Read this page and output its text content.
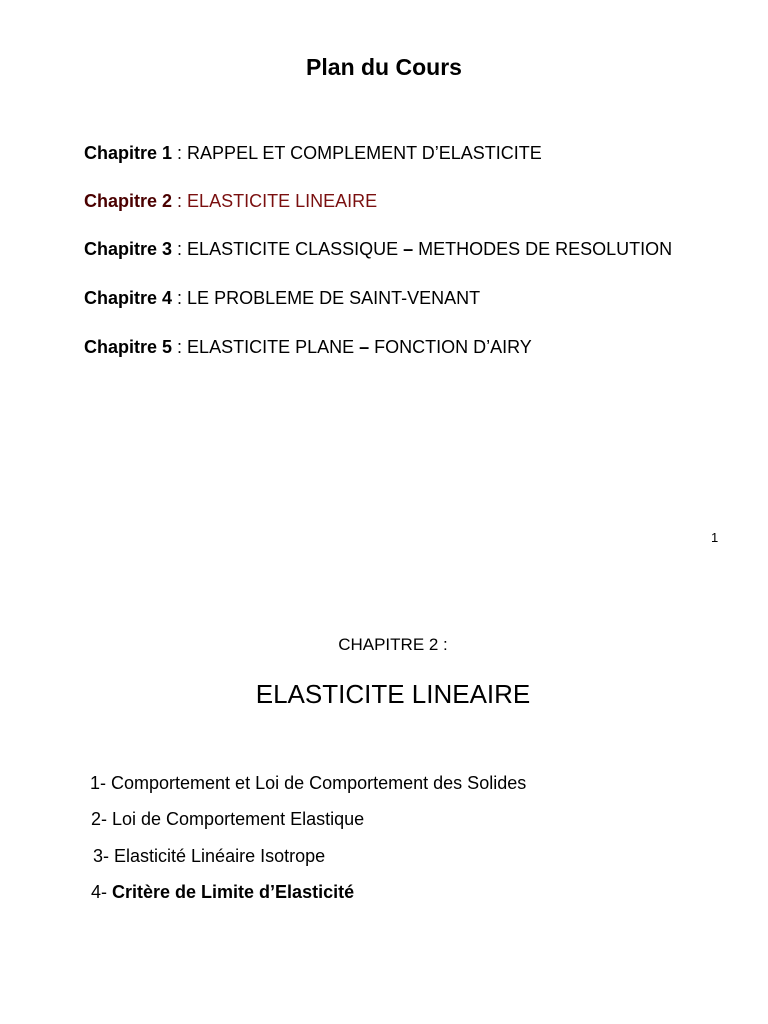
Plan du Cours
Chapitre 1 : RAPPEL ET COMPLEMENT D’ELASTICITE
Chapitre 2 : ELASTICITE LINEAIRE
Chapitre 3 : ELASTICITE CLASSIQUE – METHODES DE RESOLUTION
Chapitre 4 : LE PROBLEME DE SAINT-VENANT
Chapitre 5 : ELASTICITE PLANE – FONCTION D’AIRY
1
CHAPITRE 2 :
ELASTICITE LINEAIRE
1- Comportement et Loi de Comportement des Solides
2- Loi de Comportement Elastique
3- Elasticité Linéaire Isotrope
4- Critère de Limite d’Elasticité
